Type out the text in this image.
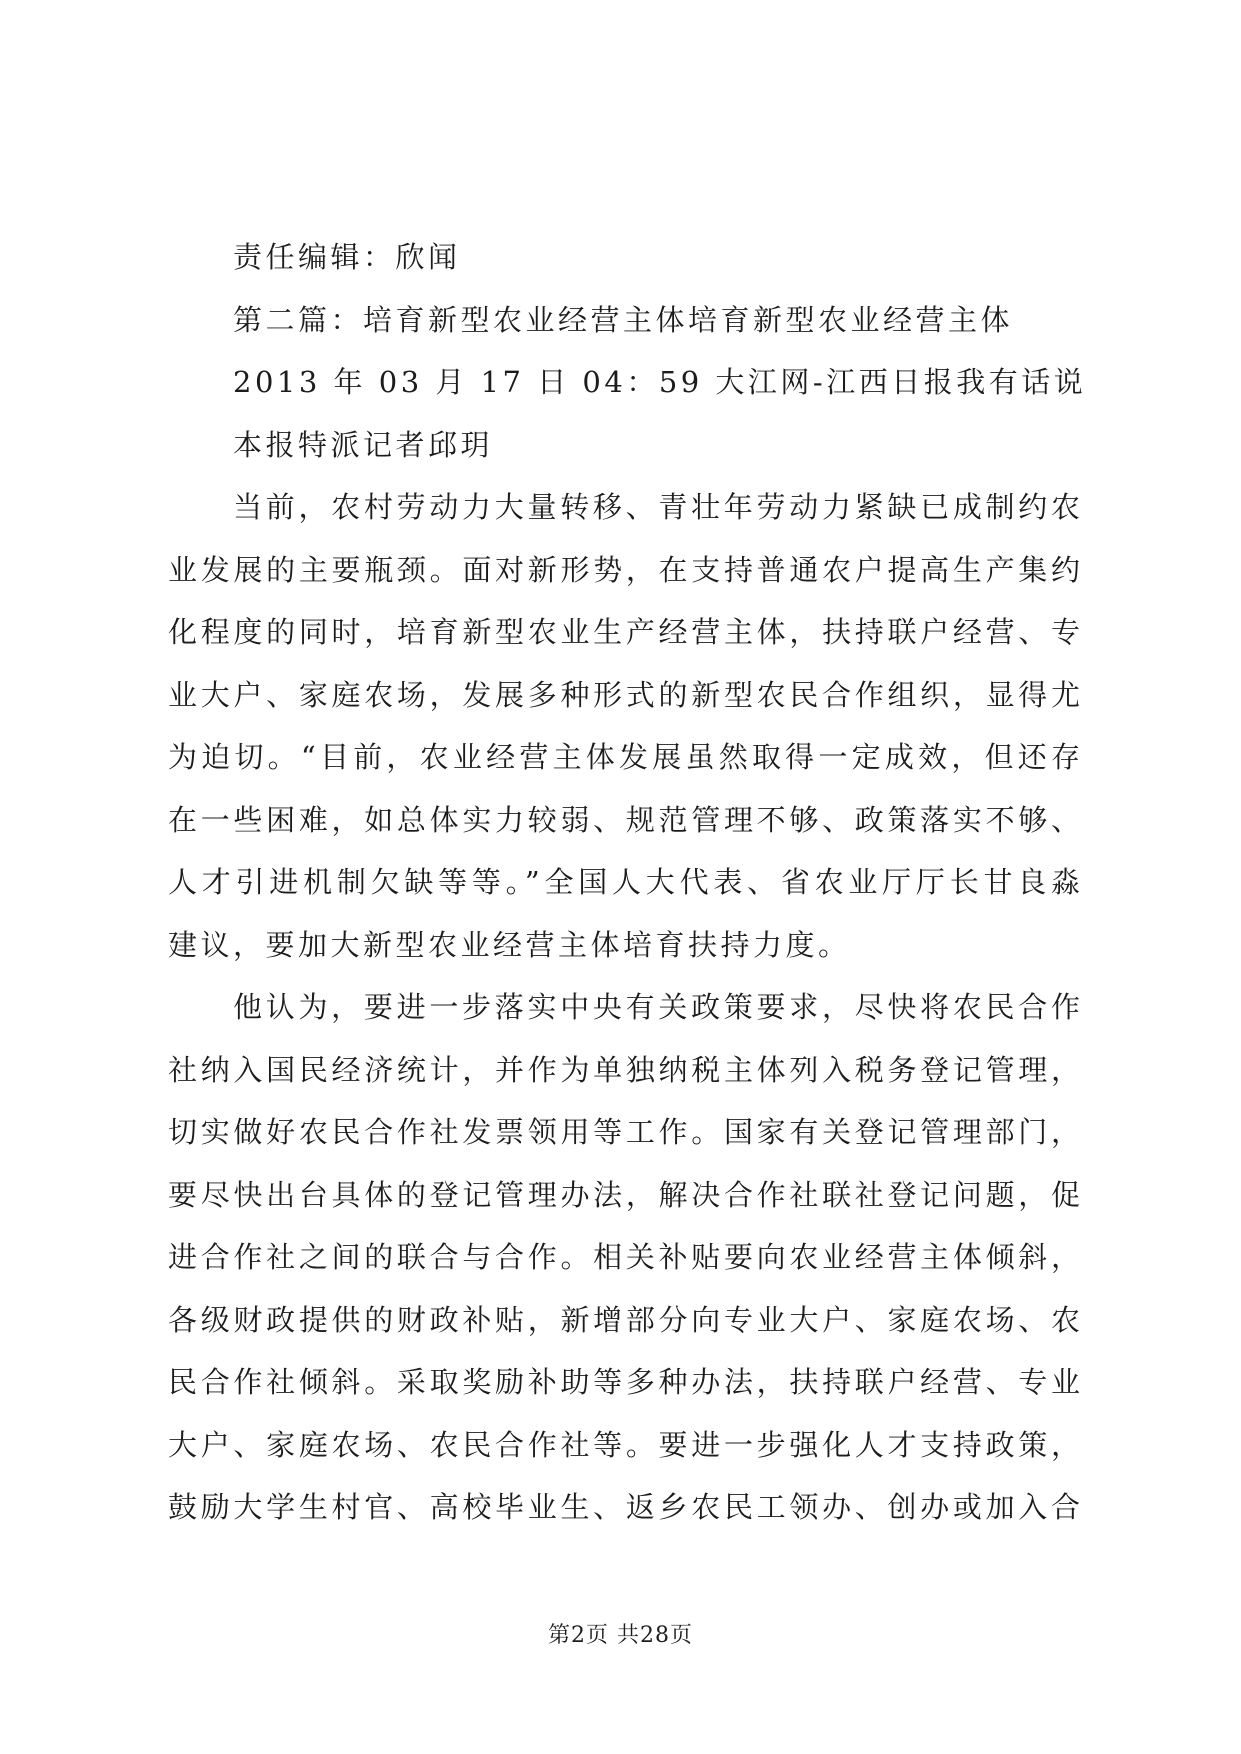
责任编辑：欣闻
第二篇：培育新型农业经营主体培育新型农业经营主体
2013 年 03 月 17 日 04：59 大江网-江西日报我有话说
本报特派记者邱玥
当前，农村劳动力大量转移、青壮年劳动力紧缺已成制约农
业发展的主要瓶颈。面对新形势，在支持普通农户提高生产集约
化程度的同时，培育新型农业生产经营主体，扶持联户经营、专
业大户、家庭农场，发展多种形式的新型农民合作组织，显得尤
为迫切。“目前，农业经营主体发展虽然取得一定成效，但还存
在一些困难，如总体实力较弱、规范管理不够、政策落实不够、
人才引进机制欠缺等等。”全国人大代表、省农业厅厅长甘良淼
建议，要加大新型农业经营主体培育扶持力度。
他认为，要进一步落实中央有关政策要求，尽快将农民合作
社纳入国民经济统计，并作为单独纳税主体列入税务登记管理，
切实做好农民合作社发票领用等工作。国家有关登记管理部门，
要尽快出台具体的登记管理办法，解决合作社联社登记问题，促
进合作社之间的联合与合作。相关补贴要向农业经营主体倾斜，
各级财政提供的财政补贴，新增部分向专业大户、家庭农场、农
民合作社倾斜。采取奖励补助等多种办法，扶持联户经营、专业
大户、家庭农场、农民合作社等。要进一步强化人才支持政策，
鼓励大学生村官、高校毕业生、返乡农民工领办、创办或加入合
第2页 共28页
